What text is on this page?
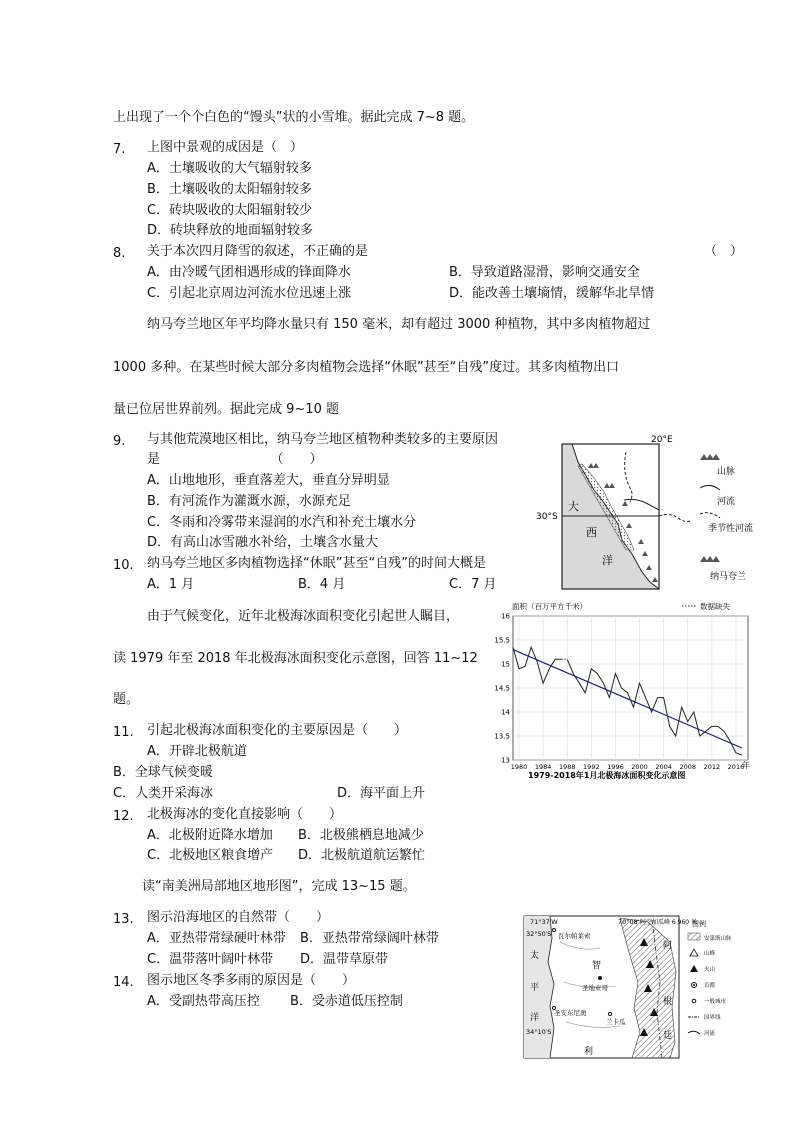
上出现了一个个白色的“馒头”状的小雪堆。据此完成 7~8 题。
7. 上图中景观的成因是（　）
A．土壤吸收的大气辐射较多
B．土壤吸收的太阳辐射较多
C．砖块吸收的太阳辐射较少
D．砖块释放的地面辐射较多
8. 关于本次四月降雪的叙述，不正确的是	（　）
A．由冷暖气团相遇形成的锋面降水	B．导致道路湿滑，影响交通安全
C．引起北京周边河流水位迅速上涨	D．能改善土壤墒情，缓解华北旱情
纳马夸兰地区年平均降水量只有 150 毫米，却有超过 3000 种植物，其中多肉植物超过
1000 多种。在某些时候大部分多肉植物会选择“休眠”甚至“自残”度过。其多肉植物出口
量已位居世界前列。据此完成 9~10 题
9. 与其他荒漠地区相比，纳马夸兰地区植物种类较多的主要原因
是　　　　　　　　　（　　）
A．山地地形，垂直落差大，垂直分异明显
B．有河流作为灌溉水源，水源充足
C．冬雨和冷雾带来湿润的水汽和补充土壤水分
D．有高山冰雪融水补给，土壤含水量大
10. 纳马夸兰地区多肉植物选择“休眠”甚至“自残”的时间大概是
A．1 月	B．4 月	C．7 月
20°E
30°S
大
西
洋
山脉
河流
季节性河流
纳马夸兰
由于气候变化，近年北极海冰面积变化引起世人瞩目，
读 1979 年至 2018 年北极海冰面积变化示意图，回答 11~12
题。
面积（百万平方千米）	数据缺失
13
13.5
14
14.5
15
15.5
16
1980 1984 1988 1992 1996 2000 2004 2008 2012 2016
年
1979-2018年1月北极海冰面积变化示意图
11. 引起北极海冰面积变化的主要原因是（　　）
A．开辟北极航道
B．全球气候变暖
C．人类开采海冰	D．海平面上升
12. 北极海冰的变化直接影响（　　）
A．北极附近降水增加 B．北极熊栖息地减少
C．北极地区粮食增产 D．北极航道航运繁忙
读“南美洲局部地区地形图”，完成 13~15 题。
13. 图示沿海地区的自然带（　　）
A．亚热带常绿硬叶林带 B．亚热带常绿阔叶林带
C．温带落叶阔叶林带 D．温带草原带
14. 图示地区冬季多雨的原因是（　　）
A．受副热带高压控 B．受赤道低压控制
71°37′W	70°08′
32°50′S
34°10′S
阿空加瓜峰 6 960 米
瓦尔帕莱索
圣地亚哥
圣安东尼奥
兰卡瓜
利
智
太
平
洋
阿
根
廷
图例
安第斯山脉
山峰
火山
首都
一般城市
国界线
河流
